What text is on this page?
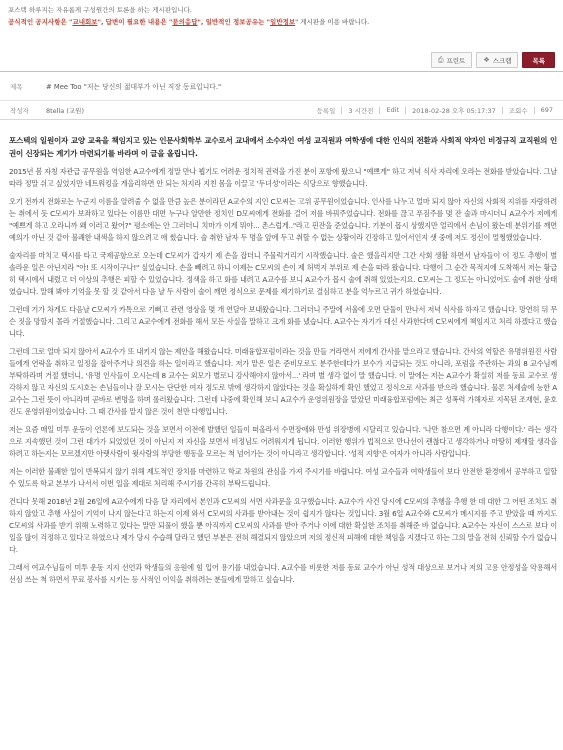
포스텍 하루지는 자유롭게 구성원간의 토론을 하는 게시판입니다.
공식적인 공지사항은 "교내회보", 답변이 필요한 내용은 "묻의응답", 일반적인 정보공유는 "일반정보" 게시판을 이용 바랍니다.
⎙ 프린트	❖ 스크랩	목록
제목	# Mee Too "저는 당신의 젊대부가 아닌 직장 동료입니다."
작성자	8tella (교원)	등록일 3 시간전 Edit 2018-02-28 오후 05:17:37 조회수 697

포스텍의 일원이자 교양 교육을 책임지고 있는 인문사회학부 교수로서 교내에서 소수자인 여성 교직원과 여학생에 대한 인식의 전환과 사회적 약자인 비정규직 교직원의 인권이 신장되는 계기가 마련되기를 바라며 이 글을 올립니다.

2015년 봄 자칭 자관급 공무원을 역임한 A교수에게 정말 만나 뵙기도 어려운 정치적 권력을 가진 분이 포항에 왔으니 "예쁘게" 하고 저녁 식사 자리에 오라는 전화를 받았습니다. 그날따라 정말 쉬고 싶었지만 네트워킹을 게을리하면 안 되는 처지라 지친 몸을 이끌고 '두녀성'이라는 식당으로 향했습니다.

오기 전까지 전화로는 누군지 이름을 알려줄 수 없을 만큼 높은 분이라던 A교수의 지인 C모씨는 고위 공무원이었습니다. 인사를 나누고 얼마 되지 않아 자신의 사회적 지위를 자랑하려는 취에서 듯 C모씨가 보좌하고 있다는 이름만 대면 누구나 알만한 정치인 D모씨에게 전화를 걸어 저를 바꿔주었습니다. 전화를 끊고 푸짐주를 몇 잔 술과 마시더니 A교수가 저에게 "예쁘게 하고 오라니까 왜 이러고 왔어?" 평소에는 안 그러더니 치마가 이게 뭐야... 촌스럽게.."라고 핀잔을 준었습니다. 기분이 몹시 상했지만 얼리에서 손님이 왔는데 분위기를 깨면 예의가 아닌 것 같아 불쾌한 내색을 하지 않으려고 애 썼습니다. 술 취한 남자 두 명을 앞에 두고 취할 수 없는 상황이라 긴장하고 있어서인지 샛 중에 저도 정신이 멀쩡했었습니다.

술자리를 마치고 택시를 타고 국제공항으로 오는데 C모씨가 갑자기 제 손을 잡더니 주물럭거리기 시작했습니다. 술은 했을리지만 그간 사회 생활 하면서 남자들이 이 정도 추행이 별 솔라운 일은 아닌지라 "아! 또 시작이구나!" 싶었습니다. 손을 빼려고 하니 이제는 C모씨의 손이 제 허벅지 부위로 제 손을 따라 왔습니다. 다행이 그 순간 목적지에 도착해서 저는 황급히 택시에서 내렸고 더 이상의 추행은 피할 수 있었습니다. 정색을 하고 화를 내려고 A교수를 보니 A교수가 몹시 술에 취해 있었는지요. C모씨는 그 정도는 아니었어도 술에 취한 상태였습니다. 말해 봐야 기억을 못 할 것 같아서 다음 날 두 사람이 술이 깨면 정식으로 문제를 제기하기로 결심하고 분을 억누르고 귀가 하였습니다.

그런데 기가 차게도 다음날 C모씨가 카톡으로 기뻐고 관련 영상을 몇 개 연달아 보내왔습니다. 그러더니 주말에 서울에 오면 단둘이 만나서 저녁 식사를 하자고 했습니다. 망연히 뒤 무슨 짓을 망할지 몰라 거절했습니다. 그리고 A교수에게 전화를 해서 모든 사실을 말하고 크게 화를 냈습니다. A교수는 자기가 대신 사과한다며 C모씨에게 책임지고 처리 하겠다고 했습니다.

그런데 그로 얼마 되지 않아서 A교수가 또 내키지 않는 제안을 해왔습니다. 미래융합포럼이라는 것을 만들 거라면서 저에게 간사를 맡으라고 했습니다. 간사의 역할은 유명위원진 사람들에게 연락을 취하고 일정을 잡아주거나 의견을 하는 일이라고 했습니다. 저가 맡은 일은 준비모로도 분주한데다가 보수가 지급되는 것도 아니라, 포럼을 주관하는 과의 8 교수님께 부탁하라며 거절 했더니, '유명 인사들이 오시는데 8 교수는 외모가 별로니 강사해야지 않아서...' 라며 별 생각 없이 말 했습니다. 이 말에는 저는 A교수가 확실히 저를 동료 교수로 생각하지 않고 자신의 도시호는 손님들이나 잘 모시는 단단한 여자 정도로 밖에 생각하지 않았다는 것을 확실하게 확인 했었고 정식으로 사과를 받으라 했습니다. 물론 처세술에 능한 A교수는 그런 뜻이 아니라며 곧바로 변명을 하며 롤러왔습니다. 그런데 나중에 확인해 보니 A교수가 운영위원장을 맡았던 미래융합포럼에는 최근 성폭력 가해자로 지목된 조재현, 윤호진도 운영위원이었습니다. 그 때 간사를 맡지 않은 것이 천만 다행입니다.

저는 요즘 매일 미투 운동이 언론에 보도되는 것을 보면서 이전에 발했던 일들이 떠올라서 수면장애와 만성 위장병에 시달리고 있습니다. '나만 참으면 계 아니라 다행이다.' 라는 생각으로 지속했던 것이 그런 대가가 되었었던 것이 아닌지 저 자신을 보면서 비정님도 어려워지게 됩니다. 이러한 행위가 법적으로 만나선이 괜찮다고 생각하거나 마땅히 제재할 생각을 하려고 하는지는 모르겠지만 아랫사람이 윗사람의 부당한 행동을 모르는 척 넘어가는 것이 아니라고 생각합니다. '성적 지향'은 여자가 아니라 사람입니다.

저는 이러한 불쾌한 일이 반복되지 않기 위해 제도적인 장치를 마련하고 학교 차원의 관심을 가져 주시기를 바랍니다. 여성 교수들과 여학생들이 보다 안전한 환경에서 공부하고 일할 수 있도록 학교 본부가 나서서 이번 일을 제대로 처리해 주시기를 간곡히 부탁드립니다.

건디다 못해 2018년 2월 26일에 A교수에게 다음 달 자리에서 본인과 C모씨의 서면 사과문을 요구했습니다. A교수가 사건 당시에 C모씨의 추행을 추행 한 데 대한 그 어떤 조치도 취하지 않았고 추행 사실이 기억이 나지 않는다고 하는지 이제 와서 C모씨의 사과를 받아내는 것이 쉽지가 않다는 것입니다. 3월 6일 A교수와 C모씨가 메시지를 주고 받았을 때 까지도 C모씨의 사과를 받기 위해 노력하고 있다는 말만 되풀이 했을 뿐 아직까지 C모씨의 사과를 받아 주거나 이에 대한 확실한 조치를 취해준 바 없습니다. A교수는 자신이 스스로 보다 이 일을 많이 걱정하고 있다고 하였으나 제가 당시 수습해 달라고 했던 부분은 전혀 해결되지 않았으며 저의 정신적 피해에 대한 책임을 지겠다고 하는 그의 말을 전혀 신뢰할 수가 없습니다.

그래서 여교수님들이 미투 운동 지지 선언과 학생들의 응원에 힘 입어 용기를 내었습니다. A교수를 비롯한 저를 동료 교수가 아닌 성적 대상으로 보거나 저의 고용 안정성을 악용해서 선심 쓰는 척 하면서 무료 봉사를 시키는 등 사적인 이익을 취하려는 분들에게 말하고 싶습니다.
